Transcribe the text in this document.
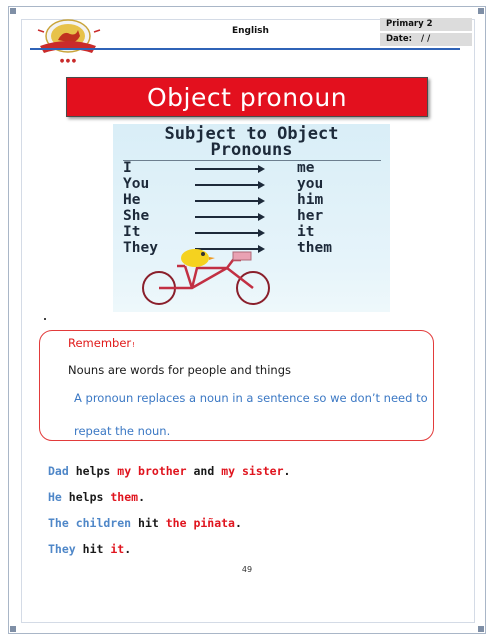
● ● ●
English
Primary 2
Date: / /
Object pronoun
Subject to Object
Pronouns
I	me
You	you
He	him
She	her
It	it
They	them
Remember!
Nouns are words for people and things
A pronoun replaces a noun in a sentence so we don’t need to
repeat the noun.
Dad helps my brother and my sister.
He helps them.
The children hit the piñata.
They hit it.
49
